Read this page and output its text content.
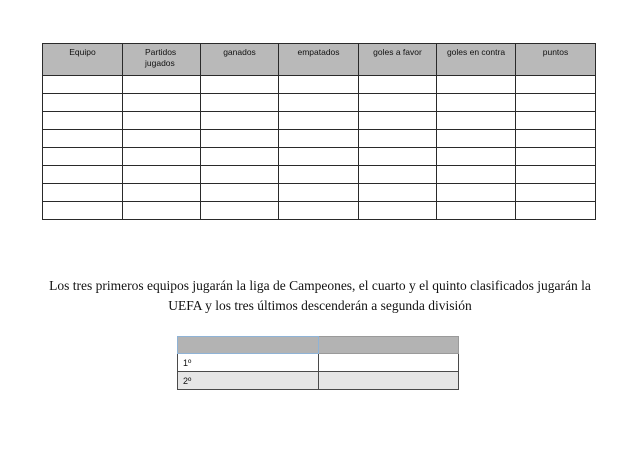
Equipo	Partidos jugados	ganados	empatados	goles a favor	goles en contra	puntos

Los tres primeros equipos jugarán la liga de Campeones, el cuarto y el quinto clasificados jugarán la UEFA y los tres últimos descenderán a segunda división

1º	
2º	
